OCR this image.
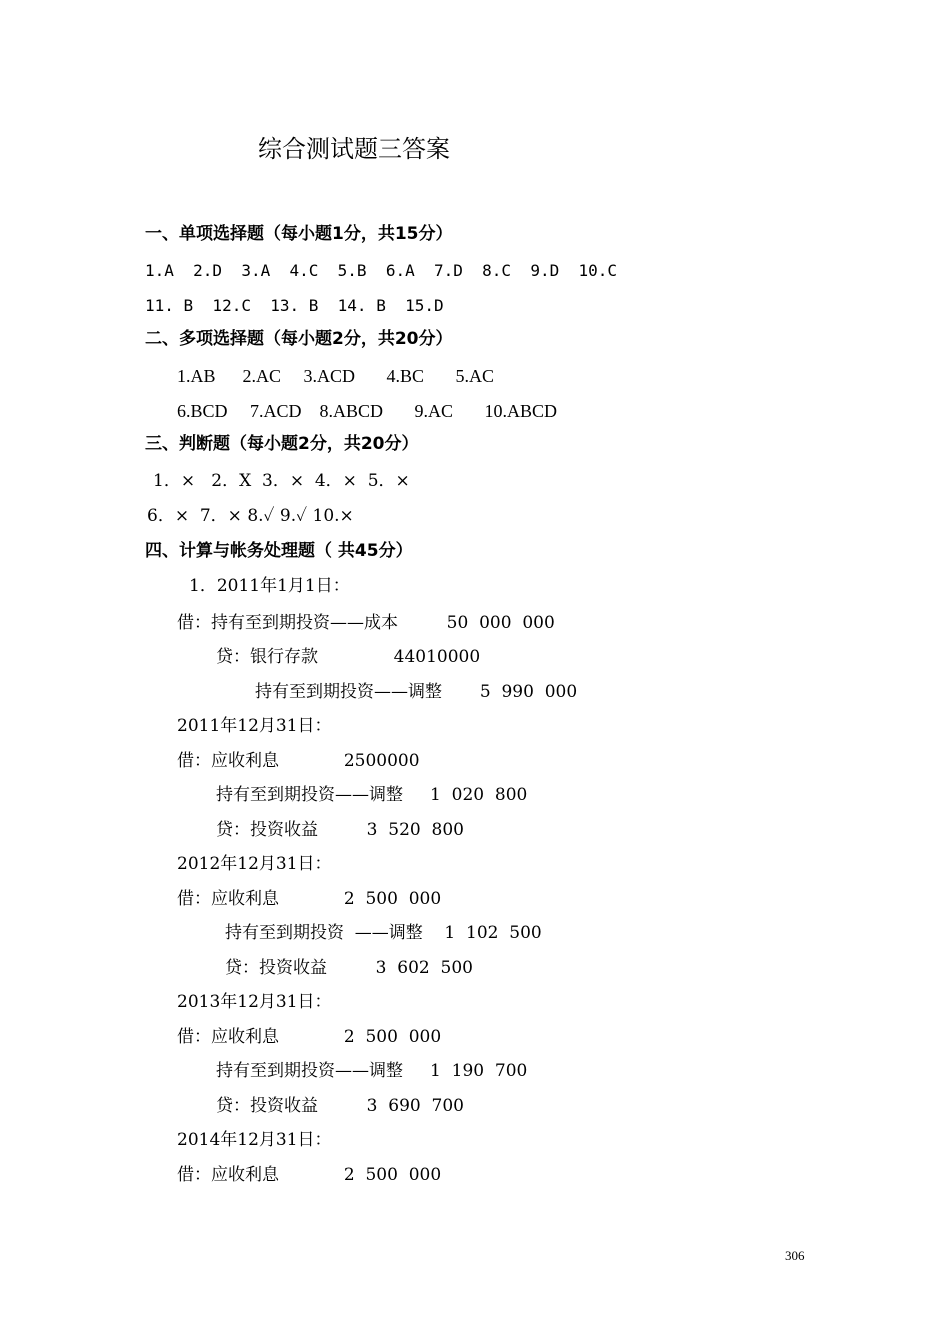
综合测试题三答案
一、单项选择题（每小题1分，共15分）
1.A  2.D  3.A  4.C  5.B  6.A  7.D  8.C  9.D  10.C
11. B  12.C  13. B  14. B  15.D
二、多项选择题（每小题2分，共20分）
1.AB      2.AC     3.ACD       4.BC       5.AC
6.BCD     7.ACD    8.ABCD       9.AC       10.ABCD
三、判断题（每小题2分，共20分）
1．×   2．X  3．×  4．×  5．×
6．×  7．× 8.✓ 9.✓ 10.×
四、计算与帐务处理题（ 共45分）
1．2011年1月1日：
借：持有至到期投资——成本         50  000  000
贷：银行存款              44010000
持有至到期投资——调整       5  990  000
2011年12月31日：
借：应收利息            2500000
持有至到期投资——调整     1  020  800
贷：投资收益         3  520  800
2012年12月31日：
借：应收利息            2  500  000
持有至到期投资  ——调整    1  102  500
贷：投资收益         3  602  500
2013年12月31日：
借：应收利息            2  500  000
持有至到期投资——调整     1  190  700
贷：投资收益         3  690  700
2014年12月31日：
借：应收利息            2  500  000
306
